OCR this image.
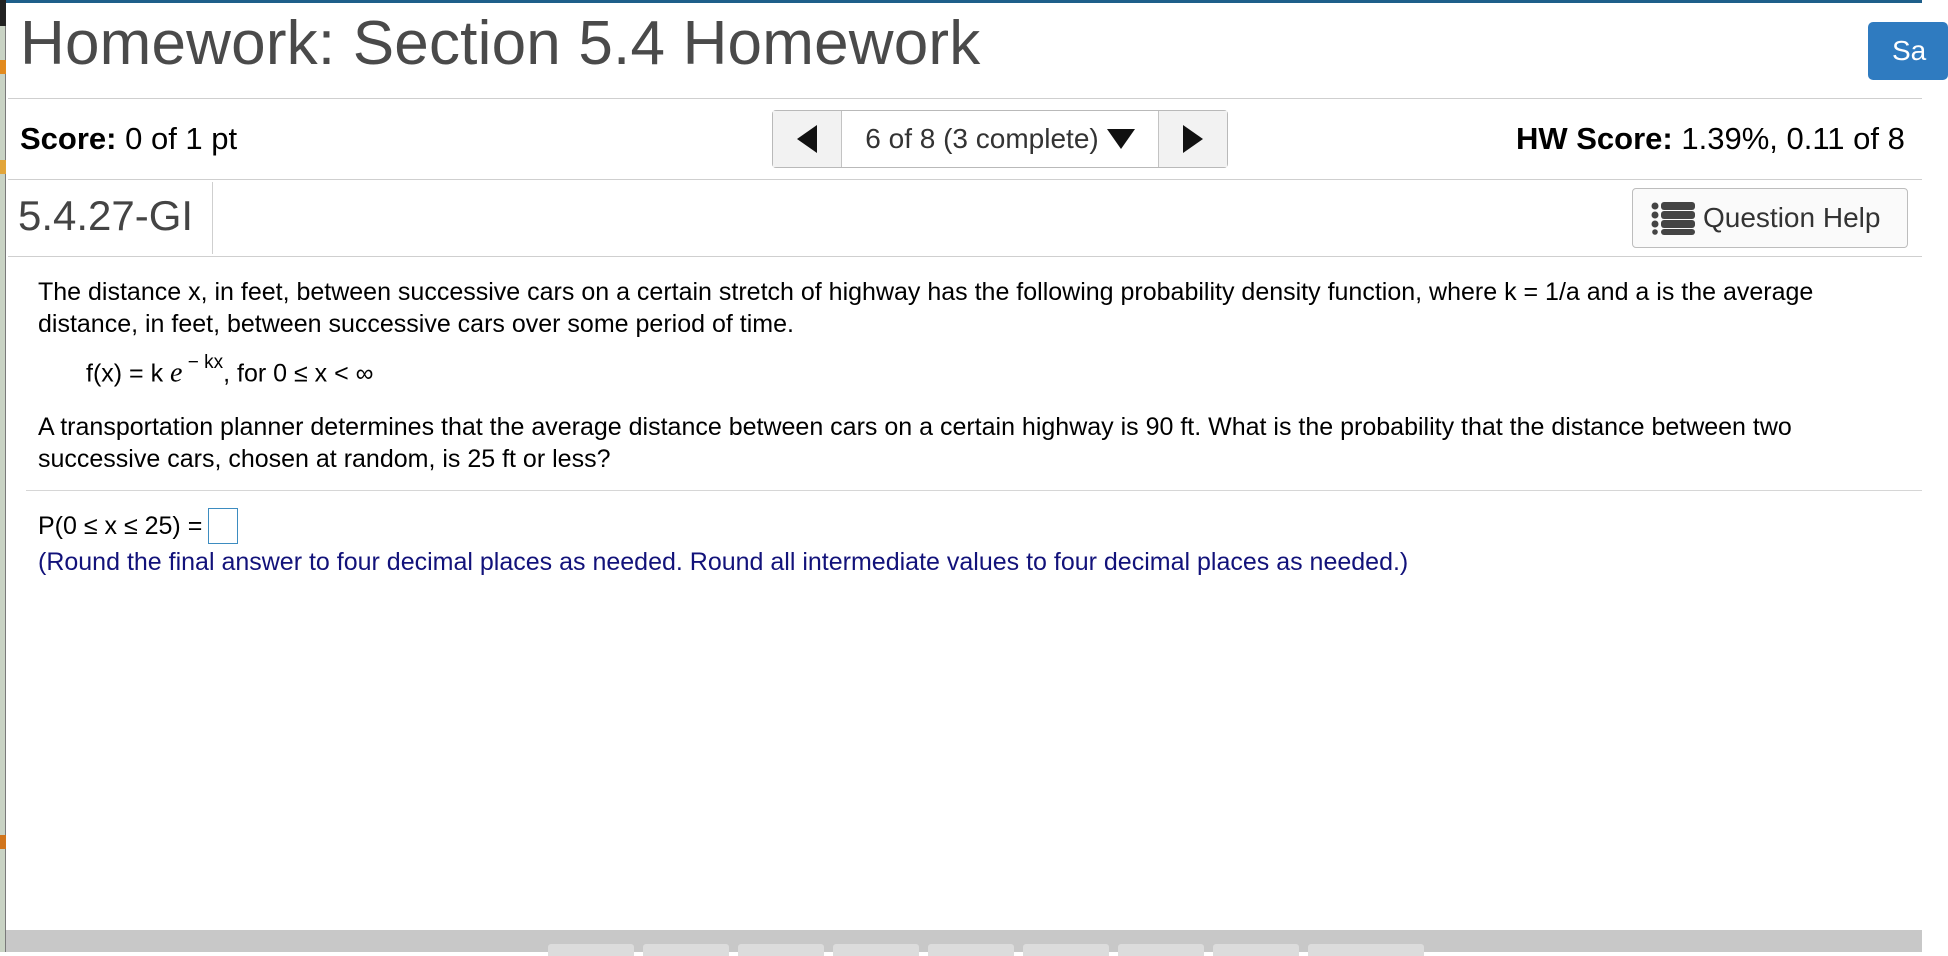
Homework: Section 5.4 Homework	Sa
Score: 0 of 1 pt	6 of 8 (3 complete)	HW Score: 1.39%, 0.11 of 8
5.4.27-GI	Question Help
The distance x, in feet, between successive cars on a certain stretch of highway has the following probability density function, where k = 1/a and a is the average distance, in feet, between successive cars over some period of time.
f(x) = k e $^{- kx}$, for 0 ≤ x < ∞
A transportation planner determines that the average distance between cars on a certain highway is 90 ft. What is the probability that the distance between two successive cars, chosen at random, is 25 ft or less?
P(0 ≤ x ≤ 25) =
(Round the final answer to four decimal places as needed. Round all intermediate values to four decimal places as needed.)
